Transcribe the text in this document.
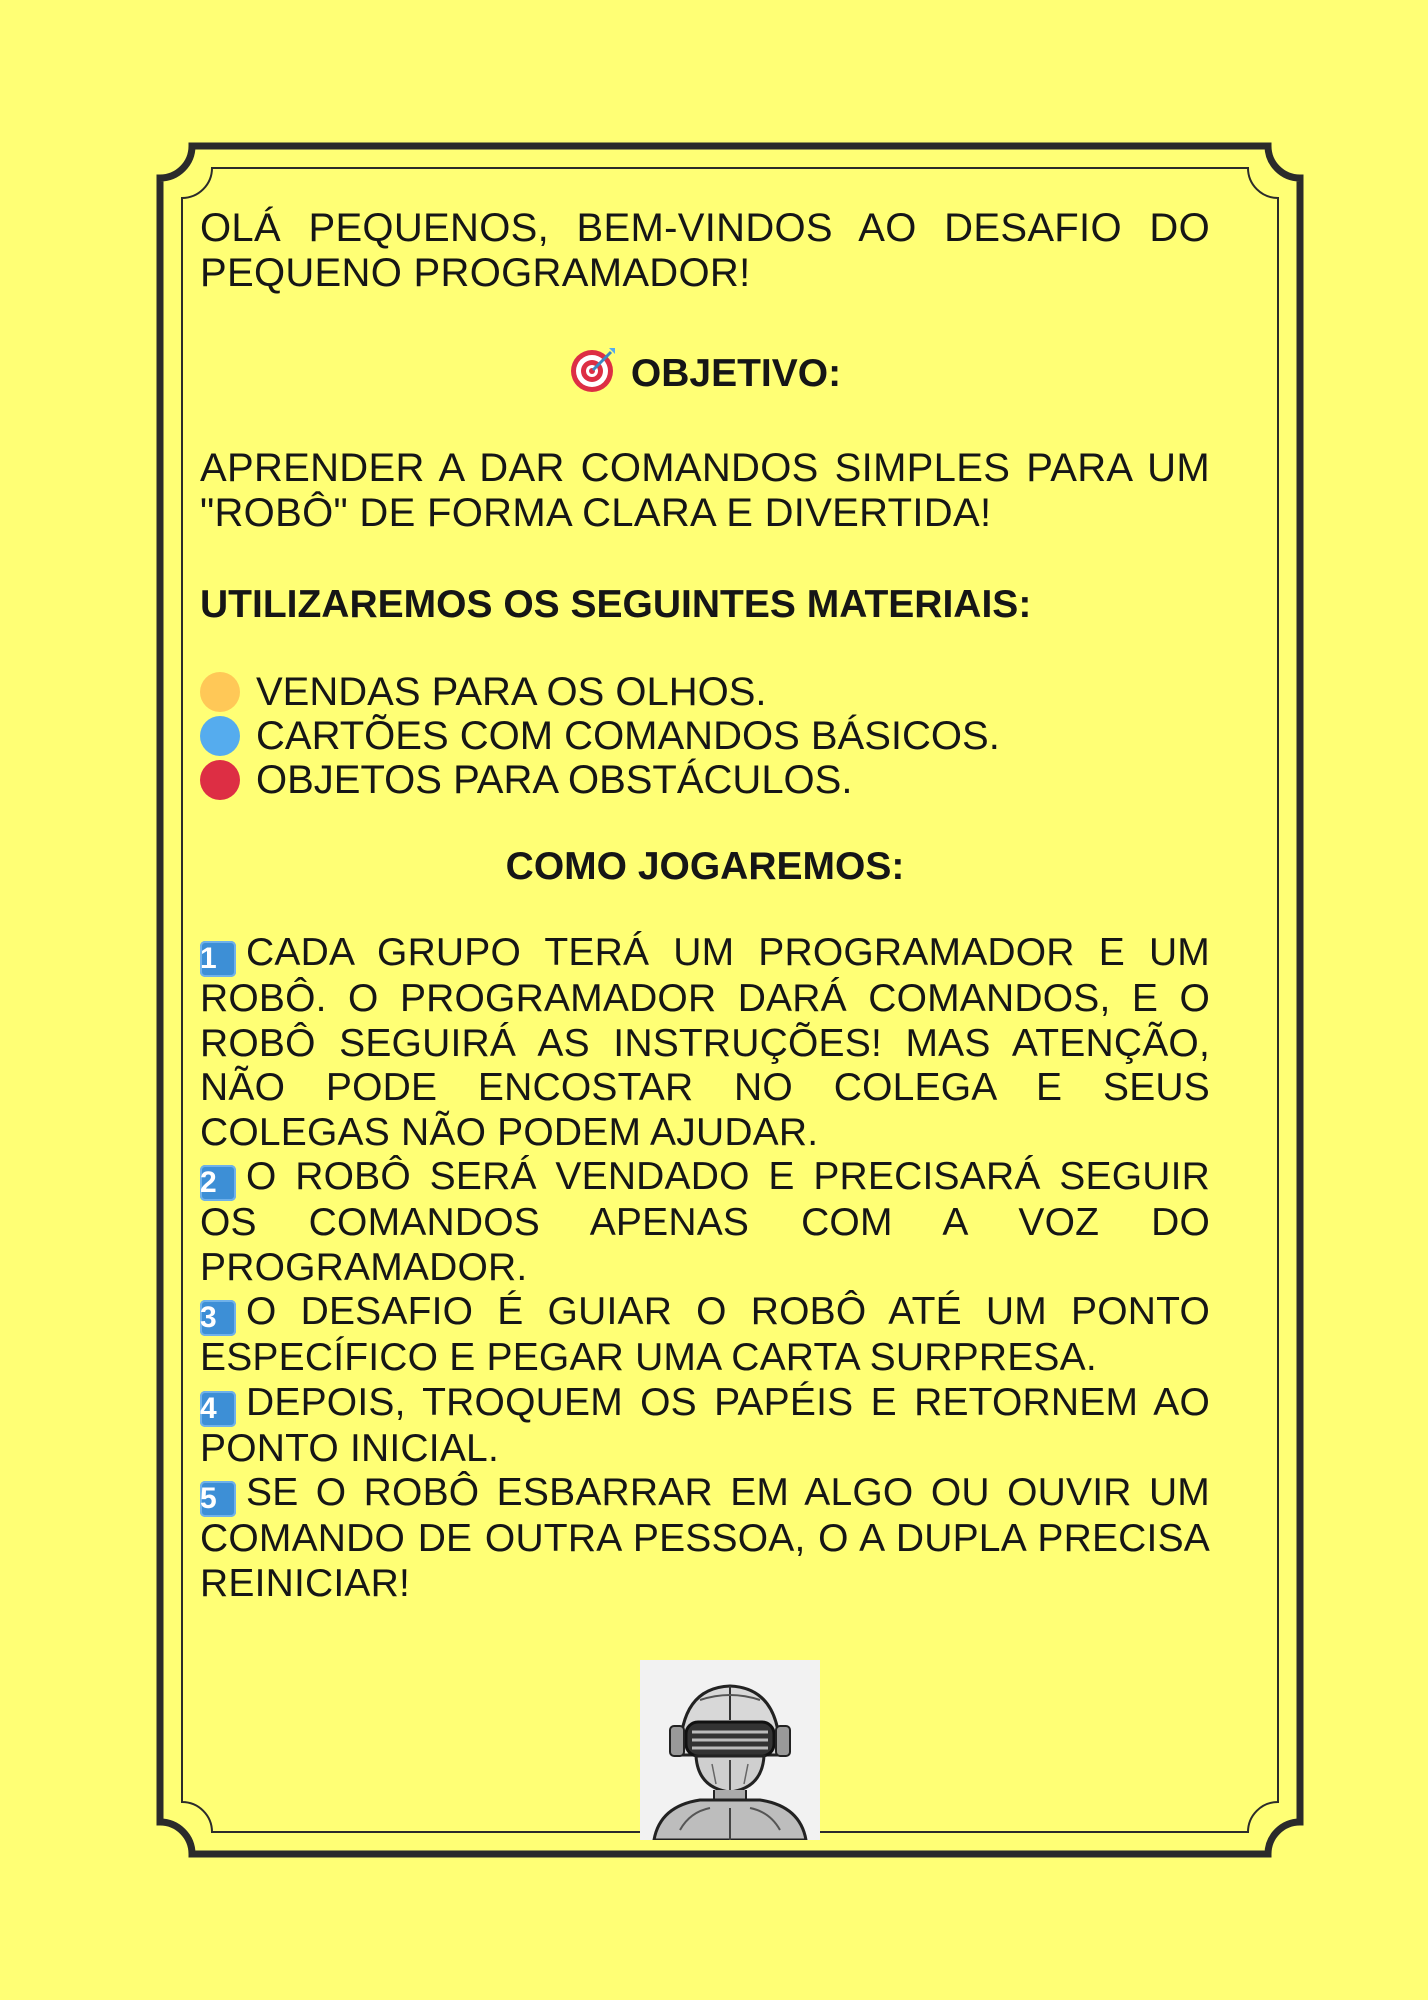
OLÁ PEQUENOS, BEM-VINDOS AO DESAFIO DO PEQUENO PROGRAMADOR!

OBJETIVO:

APRENDER A DAR COMANDOS SIMPLES PARA UM "ROBÔ" DE FORMA CLARA E DIVERTIDA!

UTILIZAREMOS OS SEGUINTES MATERIAIS:

VENDAS PARA OS OLHOS.
CARTÕES COM COMANDOS BÁSICOS.
OBJETOS PARA OBSTÁCULOS.

COMO JOGAREMOS:

1 CADA GRUPO TERÁ UM PROGRAMADOR E UM ROBÔ. O PROGRAMADOR DARÁ COMANDOS, E O ROBÔ SEGUIRÁ AS INSTRUÇÕES! MAS ATENÇÃO, NÃO PODE ENCOSTAR NO COLEGA E SEUS COLEGAS NÃO PODEM AJUDAR.

2 O ROBÔ SERÁ VENDADO E PRECISARÁ SEGUIR OS COMANDOS APENAS COM A VOZ DO PROGRAMADOR.

3 O DESAFIO É GUIAR O ROBÔ ATÉ UM PONTO ESPECÍFICO E PEGAR UMA CARTA SURPRESA.

4 DEPOIS, TROQUEM OS PAPÉIS E RETORNEM AO PONTO INICIAL.

5 SE O ROBÔ ESBARRAR EM ALGO OU OUVIR UM COMANDO DE OUTRA PESSOA, O A DUPLA PRECISA REINICIAR!
